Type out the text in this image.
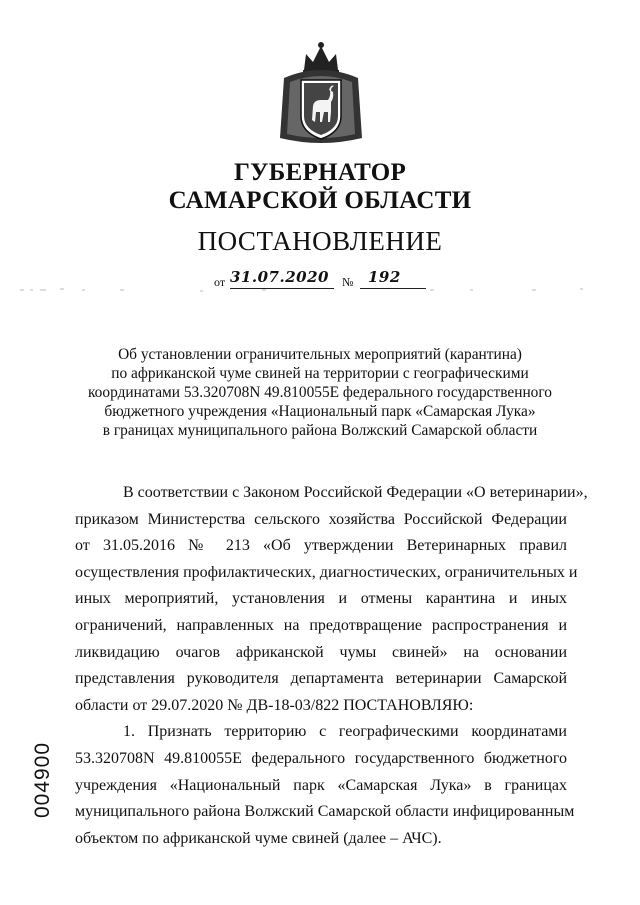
ГУБЕРНАТОР
САМАРСКОЙ ОБЛАСТИ
ПОСТАНОВЛЕНИЕ
от 31.07.2020 № 192
Об установлении ограничительных мероприятий (карантина)
по африканской чуме свиней на территории с географическими
координатами 53.320708N 49.810055E федерального государственного
бюджетного учреждения «Национальный парк «Самарская Лука»
в границах муниципального района Волжский Самарской области
В соответствии с Законом Российской Федерации «О ветеринарии»,
приказом Министерства сельского хозяйства Российской Федерации
от 31.05.2016 № 213 «Об утверждении Ветеринарных правил
осуществления профилактических, диагностических, ограничительных и
иных мероприятий, установления и отмены карантина и иных
ограничений, направленных на предотвращение распространения и
ликвидацию очагов африканской чумы свиней» на основании
представления руководителя департамента ветеринарии Самарской
области от 29.07.2020 № ДВ-18-03/822 ПОСТАНОВЛЯЮ:
1. Признать территорию с географическими координатами
53.320708N 49.810055E федерального государственного бюджетного
учреждения «Национальный парк «Самарская Лука» в границах
муниципального района Волжский Самарской области инфицированным
объектом по африканской чуме свиней (далее – АЧС).
004900
